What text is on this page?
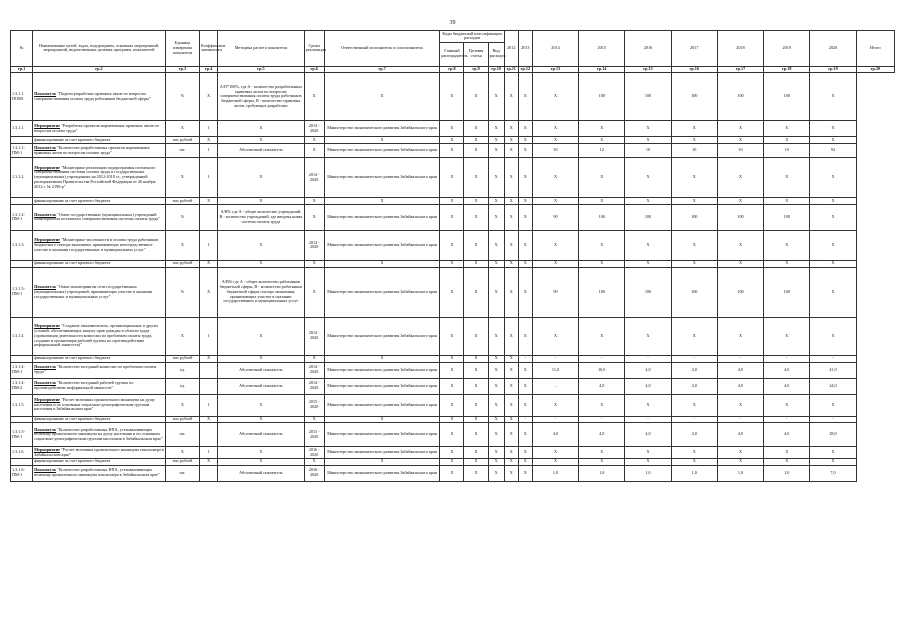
39
№	Наименование целей, задач, подпрограмм, основных мероприятий, мероприятий, ведомственных целевых программ, показателей	Единица измерения показателя	Коэффициент значимости	Методика расчета показателя	Сроки реализации	Ответственный исполнитель и соисполнитель	Коды бюджетной классификации расходов			2012	2013	2014	2015	2016	2017	2018	2019	2020	Итого
							Главный распорядитель	Целевая статья	Вид расходов										
гр.1	гр.2	гр.3	гр.4	гр.5	гр.6	гр.7	гр.8	гр.9	гр.10	гр.11	гр.12	гр.13	гр.14	гр.15	гр.16	гр.17	гр.18	гр.19	гр.20
1.3.1.1. ПОМ1	Показатель "Подъем разработки правовых актов по вопросам совершенствования оплаты труда работников бюджетной сферы"	%	X	А/П*100%, где А - количество разработанных правовых актов по вопросам совершенствования оплаты труда работников бюджетной сферы, В - количество правовых актов, требующих разработки	X	X	X	X	X	X	X	X	100	100	100	100	100	X	
1.3.1.1.	Мероприятие "Разработка проектов нормативных правовых актов по вопросам оплаты труда"	X	1	X	2014 - 2020	Министерство экономического развития Забайкальского края	X	X	X	X	X	X	X	X	X	X	X	X	
	финансирование за счет краевого бюджета	тыс.рублей	X	X	X	X	X	X	X	X	X	X	X	X	X	X	X	X	
1.3.1.1-ПМ-1	Показатель "Количество разработанных проектов нормативных правовых актов по вопросам оплаты труда"	шт.	1	Абсолютный показатель	X	Министерство экономического развития Забайкальского края	X	X	X	X	X	30	12	10	10	10	10	92	
1.3.1.2.	Мероприятие "Мониторинг реализации подпрограммы поэтапного совершенствования системы оплаты труда в государственных (муниципальных) учреждениях на 2012-2018 гг., утвержденной распоряжением Правительства Российской Федерации от 26 ноября 2012 г. № 2190-р"	X	1	X	2014 - 2020	Министерство экономического развития Забайкальского края	X	X	X	X	X	X	X	X	X	X	X	X	
	финансирование за счет краевого бюджета	тыс.рублей	X	X	X	X	X	X	X	X	X	X	X	X	X	X	X	X	
1.3.1.2-ПМ-1	Показатель "Охват государственных (муниципальных) учреждений мониторингом поэтапного совершенствования системы оплаты труда"	%		А/В% где А - общее количество учреждений, В - количество учреждений, где введена новая система оплаты труда	X	Министерство экономического развития Забайкальского края	X	X	X	X	X	90	100	100	100	100	100	X	
1.3.1.3.	Мероприятие "Мониторинг численности и оплаты труда работников бюджетного сектора экономики, принимающих непосредственное участие в оказании государственных и муниципальных услуг"	X	1	X	2014 - 2020	Министерство экономического развития Забайкальского края	X	X	X	X	X	X	X	X	X	X	X	X	
	финансирование за счет краевого бюджета	тыс.рублей	X	X	X	X	X	X	X	X	X	X	X	X	X	X	X	X	
1.3.1.3-ПМ-1	Показатель "Охват мониторингом сети государственных (муниципальных) учреждений, принимающих участие в оказании государственных и муниципальных услуг"	%	X	А/В% где А - общее количество работников бюджетной сферы, В - количество работников бюджетной сферы сектора экономики, принимающих участие в оказании государственных и муниципальных услуг	X	Министерство экономического развития Забайкальского края	X	X	X	X	X	90	100	100	100	100	100	X	
1.3.1.4.	Мероприятие "Создание экономических, организационных и других условий, обеспечивающих защиту прав граждан в области труда (организация деятельности комиссии по проблемам оплаты труда, создание и организация рабочей группы по противодействию неформальной занятости)"	X	1	X	2014 - 2020	Министерство экономического развития Забайкальского края	X	X	X	X	X	X	X	X	X	X	X	X	
	финансирование за счет краевого бюджета	тыс.рублей	X	X	X	X	X	X	X	X	-	-	-	-	-	-	-	-	
1.3.1.4-ПМ-1	Показатель "Количество заседаний комиссии по проблемам оплаты труда"	ед.		Абсолютный показатель	2014 - 2020	Министерство экономического развития Забайкальского края	X	X	X	X	X	11,0	10,0	4,0	4,0	4,0	4,0	41,0	
1.3.1.4-ПМ-2	Показатель "Количество заседаний рабочей группы по противодействию неформальной занятости"	ед.		Абсолютный показатель	2014 - 2020	Министерство экономического развития Забайкальского края	X	X	X	X	X	...	4,0	4,0	4,0	4,0	4,0	24,0	
1.3.1.5.	Мероприятие "Расчет величины прожиточного минимума на душу населения и по основным социально-демографическим группам населения в Забайкальском крае"	X	1	X	2015 - 2020	Министерство экономического развития Забайкальского края	X	X	X	X	X	X	X	X	X	X	X	X	
	финансирование за счет краевого бюджета	тыс.рублей	X	X	X	X	X	X	X	X	-	-	-	-	-	-	-	-	
1.3.1.5-ПМ-1	Показатель "Количество разработанных НПА, устанавливающих величину прожиточного минимума на душу населения и по основным социально-демографическим группам населения в Забайкальском крае"	шт.		Абсолютный показатель	2015 - 2020	Министерство экономического развития Забайкальского края	X	X	X	X	X	4,0	4,0	4,0	4,0	4,0	4,0	28,0	
1.3.1.6.	Мероприятие "Расчет величины прожиточного минимума пенсионера в Забайкальском крае"	X	1	X	2016 - 2020	Министерство экономического развития Забайкальского края	X	X	X	X	X	X	X	X	X	X	X	X	
	финансирование за счет краевого бюджета	тыс.рублей	X	X	X	X	X	X	X	X	X	X	X	X	X	X	X	X	
1.3.1.6-ПМ-1	Показатель "Количество разработанных НПА, устанавливающих величину прожиточного минимума пенсионера в Забайкальском крае"	шт.		Абсолютный показатель	2016 - 2020	Министерство экономического развития Забайкальского края	X	X	X	X	X	1,0	1,0	1,0	1,0	1,0	1,0	7,0	
